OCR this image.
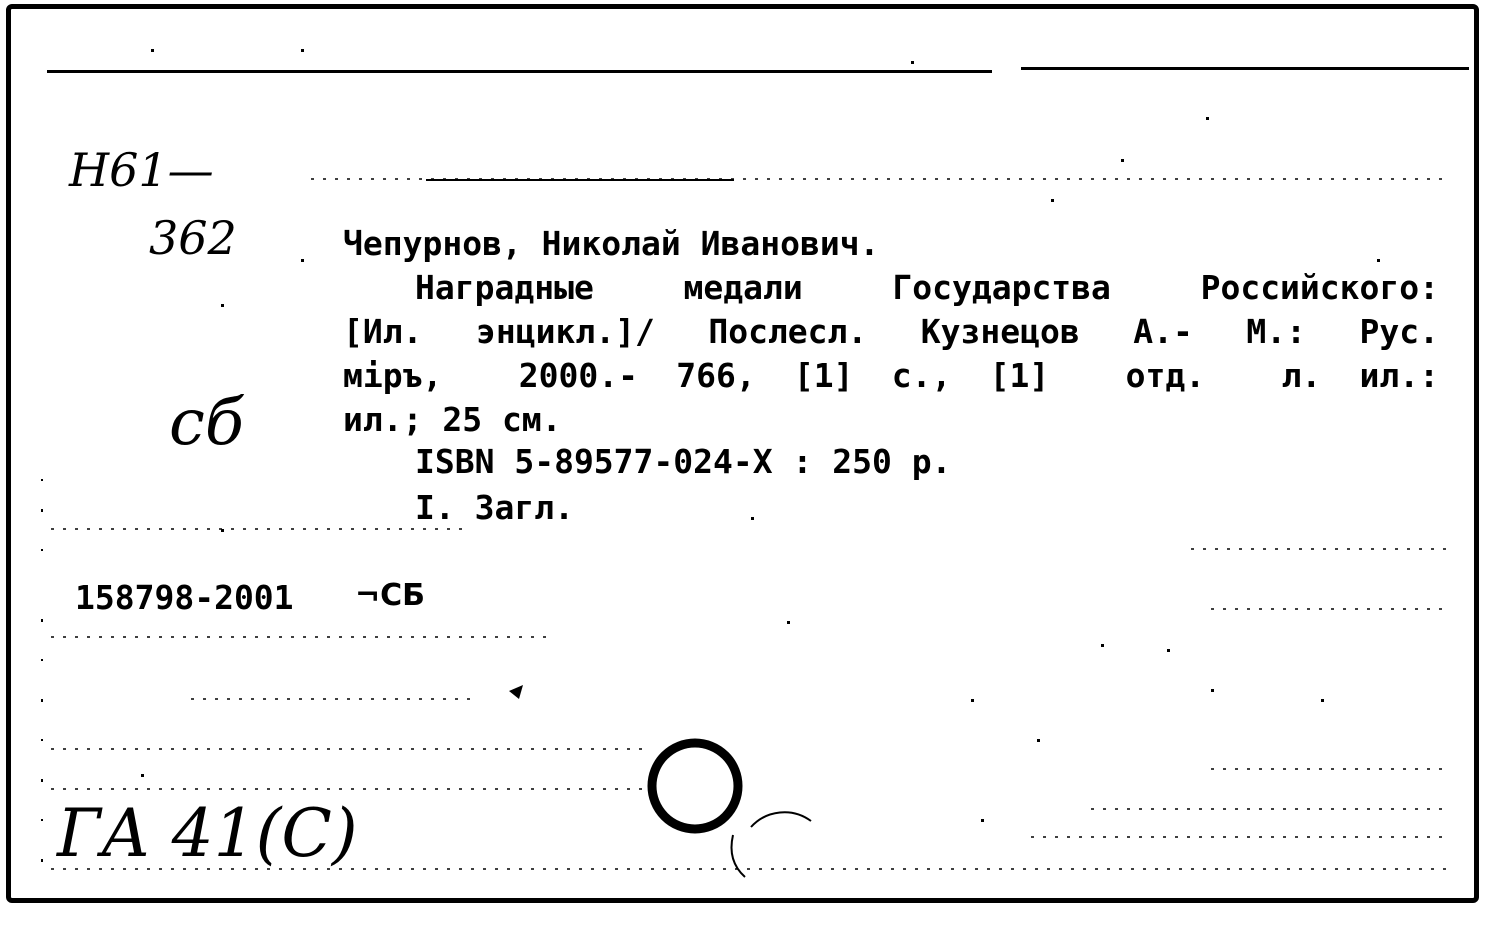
Н61—
362
сб
Чепурнов, Николай Иванович.
Наградные медали Государства Российского:
[Ил. энцикл.]/ Послесл. Кузнецов А.- М.: Рус.
міръ,  2000.- 766, [1] с., [1]  отд.  л. ил.:
ил.; 25 см.
ISBN 5-89577-024-X : 250 р.
I. Загл.
158798-2001 ¬СБ
ГА 41(С)
